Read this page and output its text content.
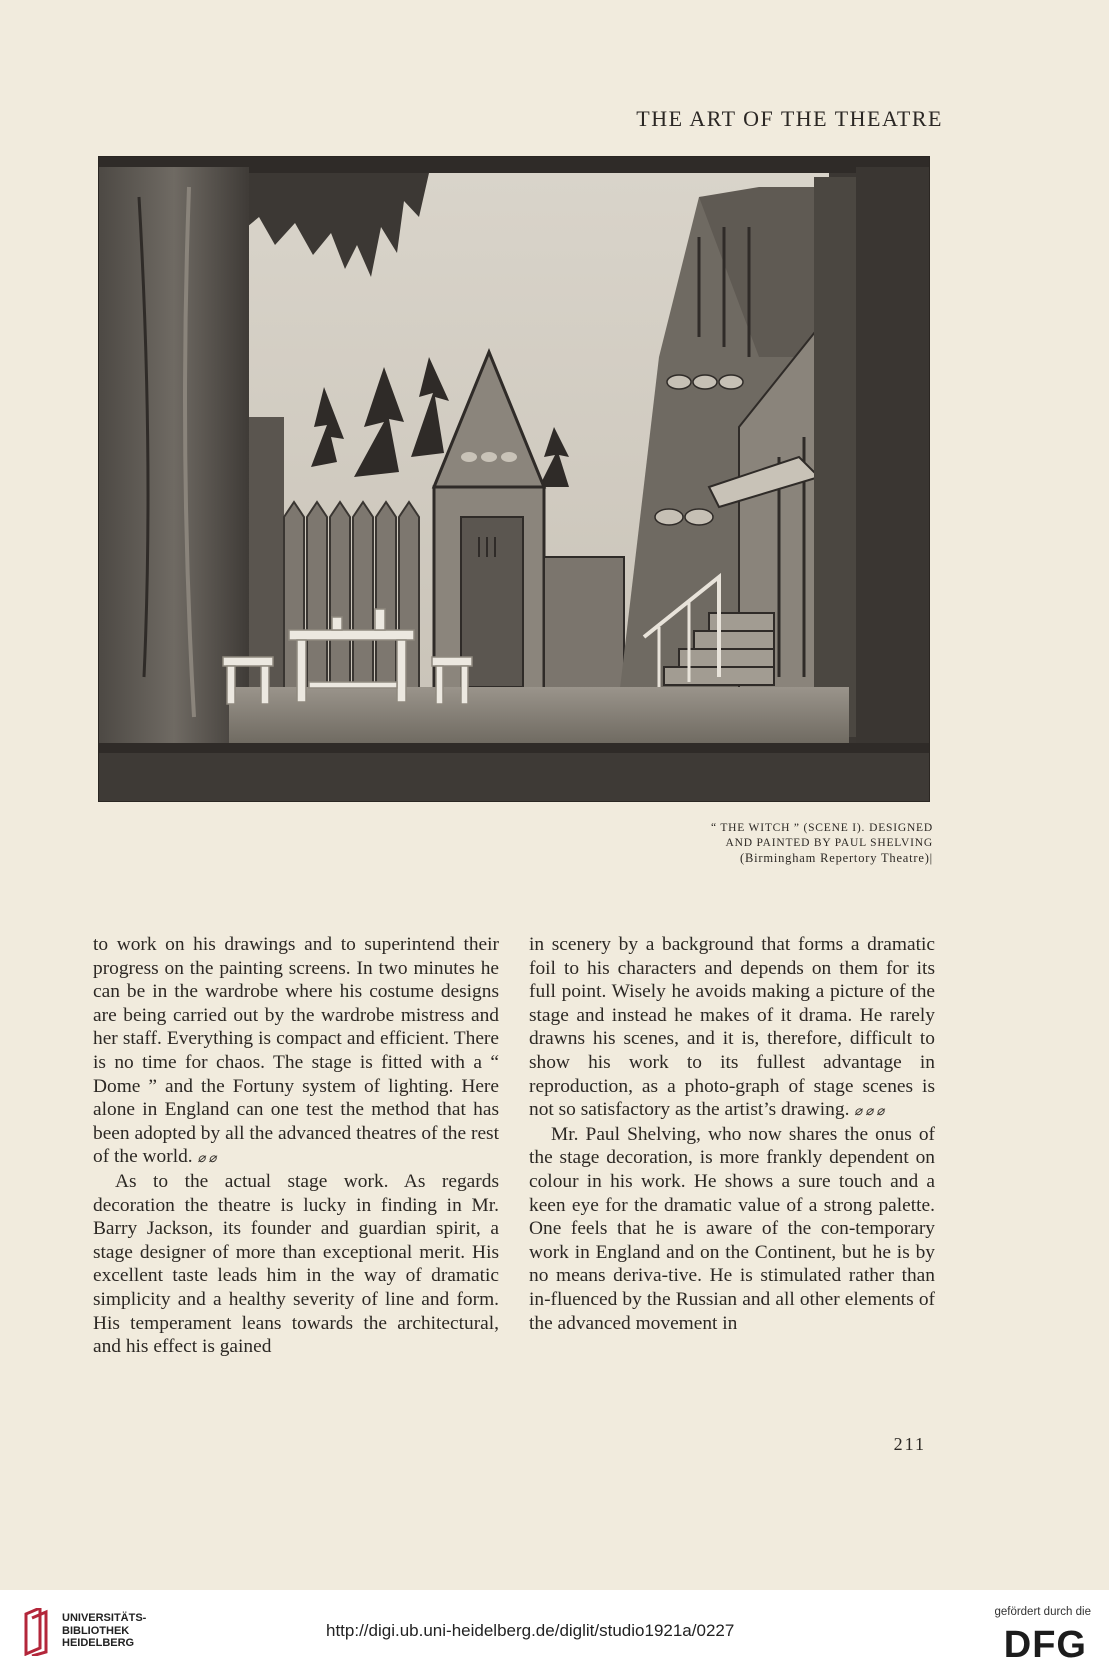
THE ART OF THE THEATRE
“ THE WITCH ” (SCENE I). DESIGNED
AND PAINTED BY PAUL SHELVING
(Birmingham Repertory Theatre)|

to work on his drawings and to superintend their progress on the painting screens. In two minutes he can be in the wardrobe where his costume designs are being carried out by the wardrobe mistress and her staff. Everything is compact and efficient. There is no time for chaos. The stage is fitted with a “ Dome ” and the Fortuny system of lighting. Here alone in England can one test the method that has been adopted by all the advanced theatres of the rest of the world. ⌀ ⌀

As to the actual stage work. As regards decoration the theatre is lucky in finding in Mr. Barry Jackson, its founder and guardian spirit, a stage designer of more than exceptional merit. His excellent taste leads him in the way of dramatic simplicity and a healthy severity of line and form. His temperament leans towards the architectural, and his effect is gained

in scenery by a background that forms a dramatic foil to his characters and depends on them for its full point. Wisely he avoids making a picture of the stage and instead he makes of it drama. He rarely drawns his scenes, and it is, therefore, difficult to show his work to its fullest advantage in reproduction, as a photo-graph of stage scenes is not so satisfactory as the artist’s drawing. ⌀ ⌀ ⌀

Mr. Paul Shelving, who now shares the onus of the stage decoration, is more frankly dependent on colour in his work. He shows a sure touch and a keen eye for the dramatic value of a strong palette. One feels that he is aware of the con-temporary work in England and on the Continent, but he is by no means deriva-tive. He is stimulated rather than in-fluenced by the Russian and all other elements of the advanced movement in

211
UNIVERSITÄTS-
BIBLIOTHEK
HEIDELBERG
http://digi.ub.uni-heidelberg.de/diglit/studio1921a/0227
gefördert durch die
DFG
